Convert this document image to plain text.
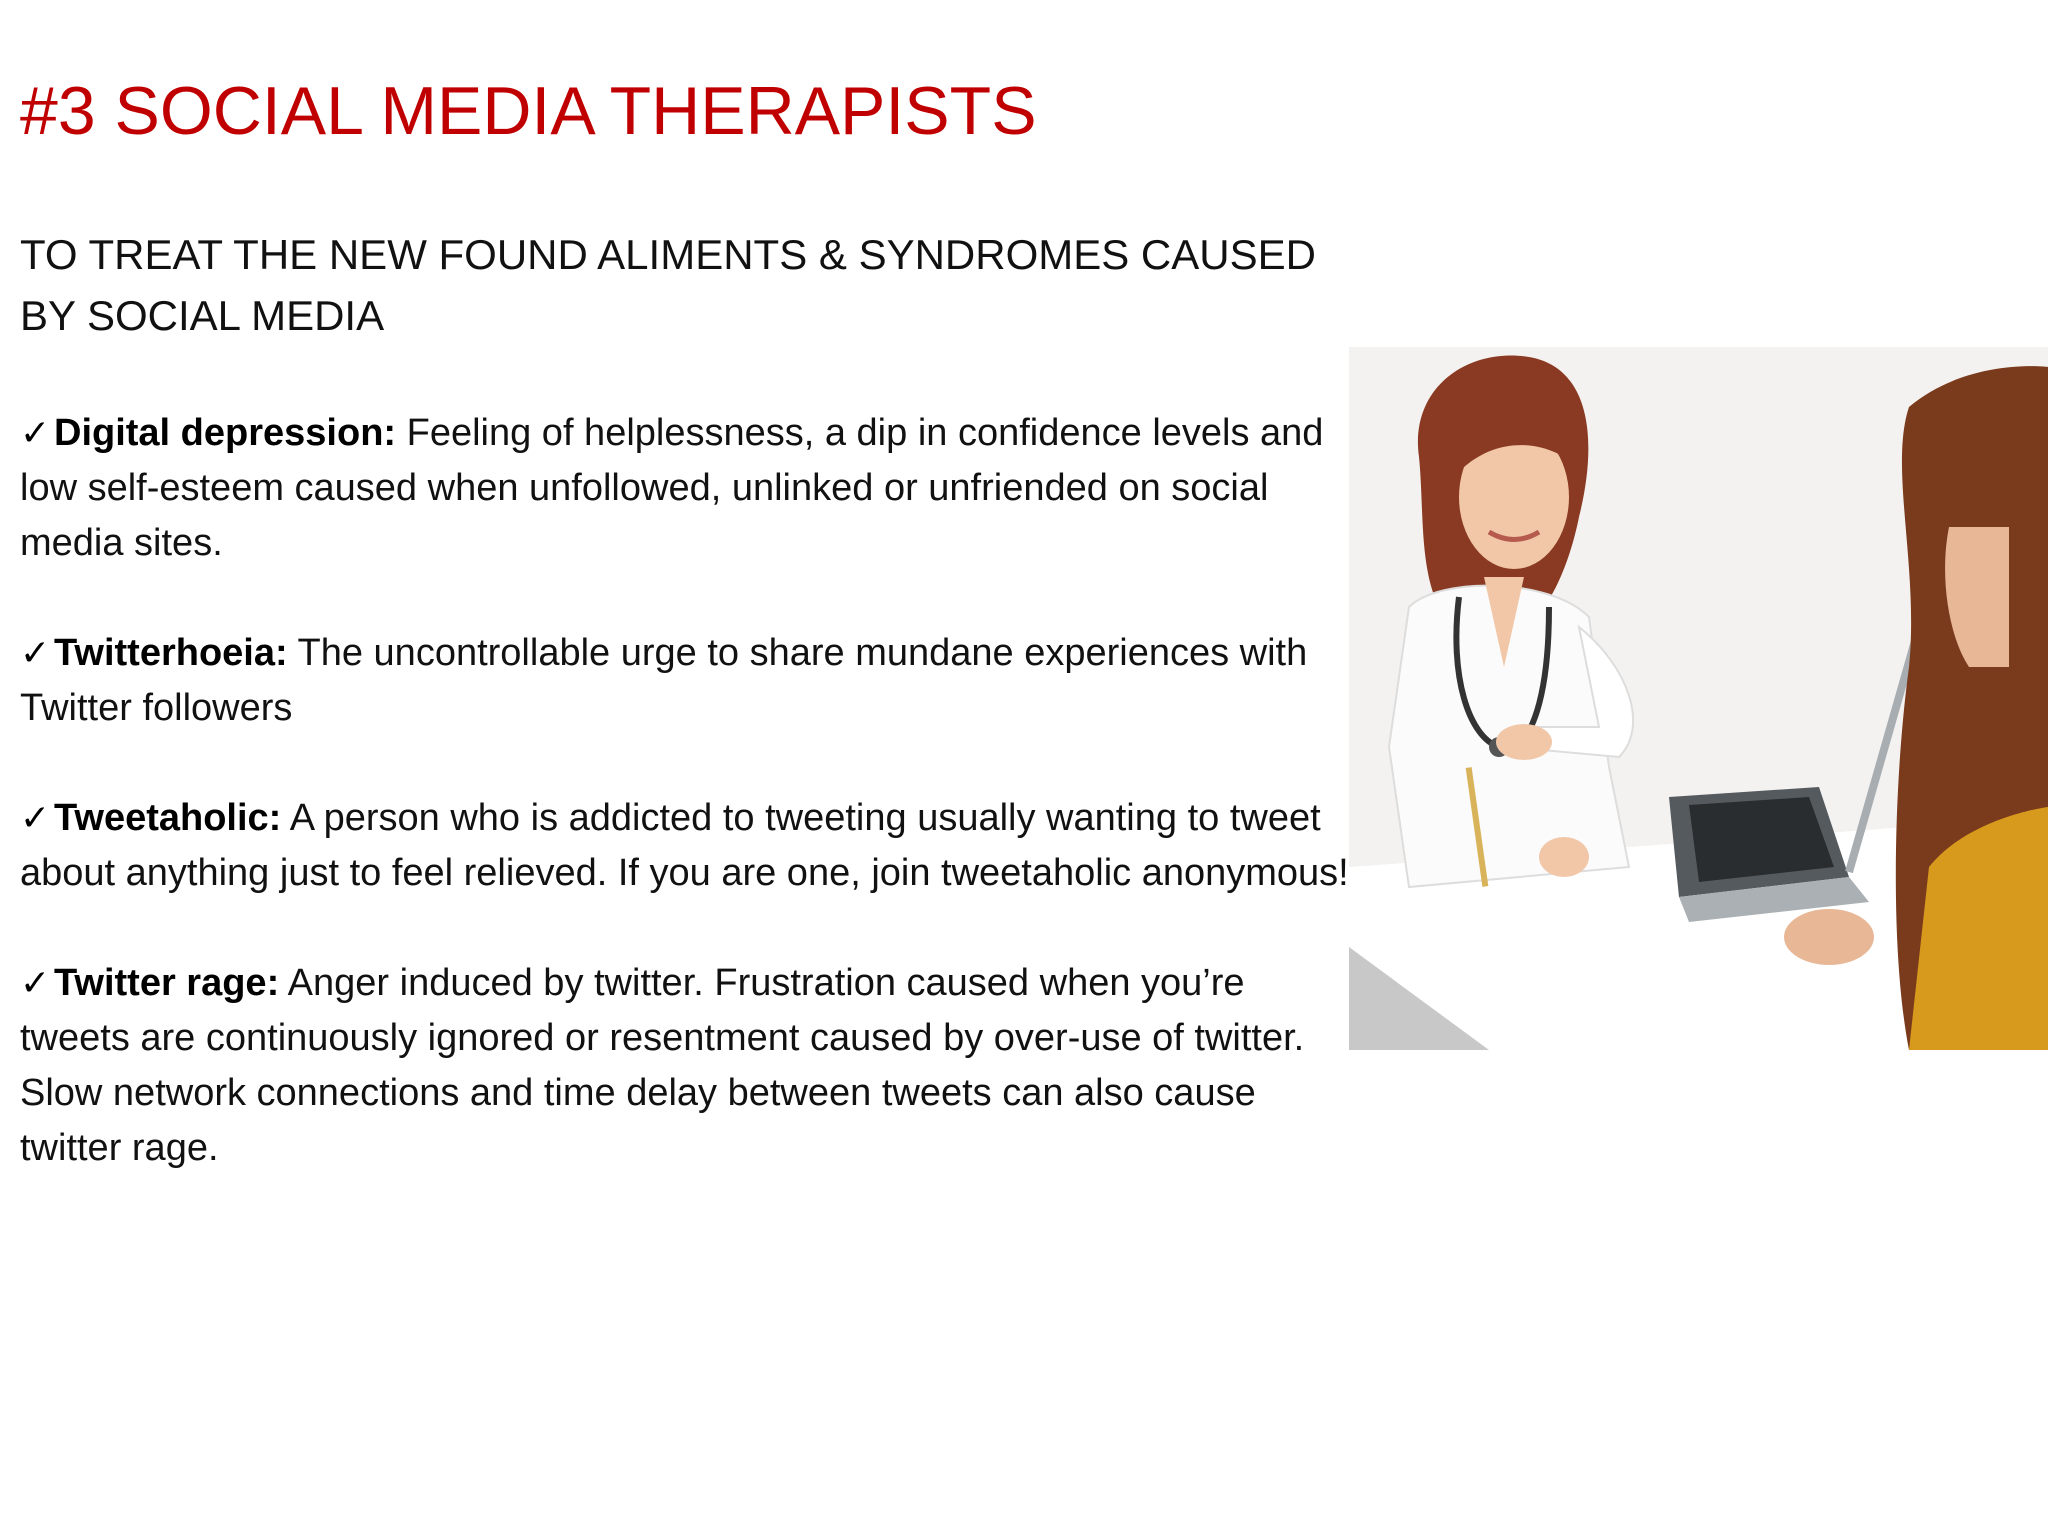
#3 SOCIAL MEDIA THERAPISTS

TO TREAT THE NEW FOUND ALIMENTS & SYNDROMES CAUSED BY SOCIAL MEDIA

✓ Digital depression: Feeling of helplessness, a dip in confidence levels and low self-esteem caused when unfollowed, unlinked or unfriended on social media sites.

✓ Twitterhoeia: The uncontrollable urge to share mundane experiences with Twitter followers

✓ Tweetaholic: A person who is addicted to tweeting usually wanting to tweet about anything just to feel relieved. If you are one, join tweetaholic anonymous!

✓ Twitter rage: Anger induced by twitter. Frustration caused when you’re tweets are continuously ignored or resentment caused by over-use of twitter. Slow network connections and time delay between tweets can also cause twitter rage.
